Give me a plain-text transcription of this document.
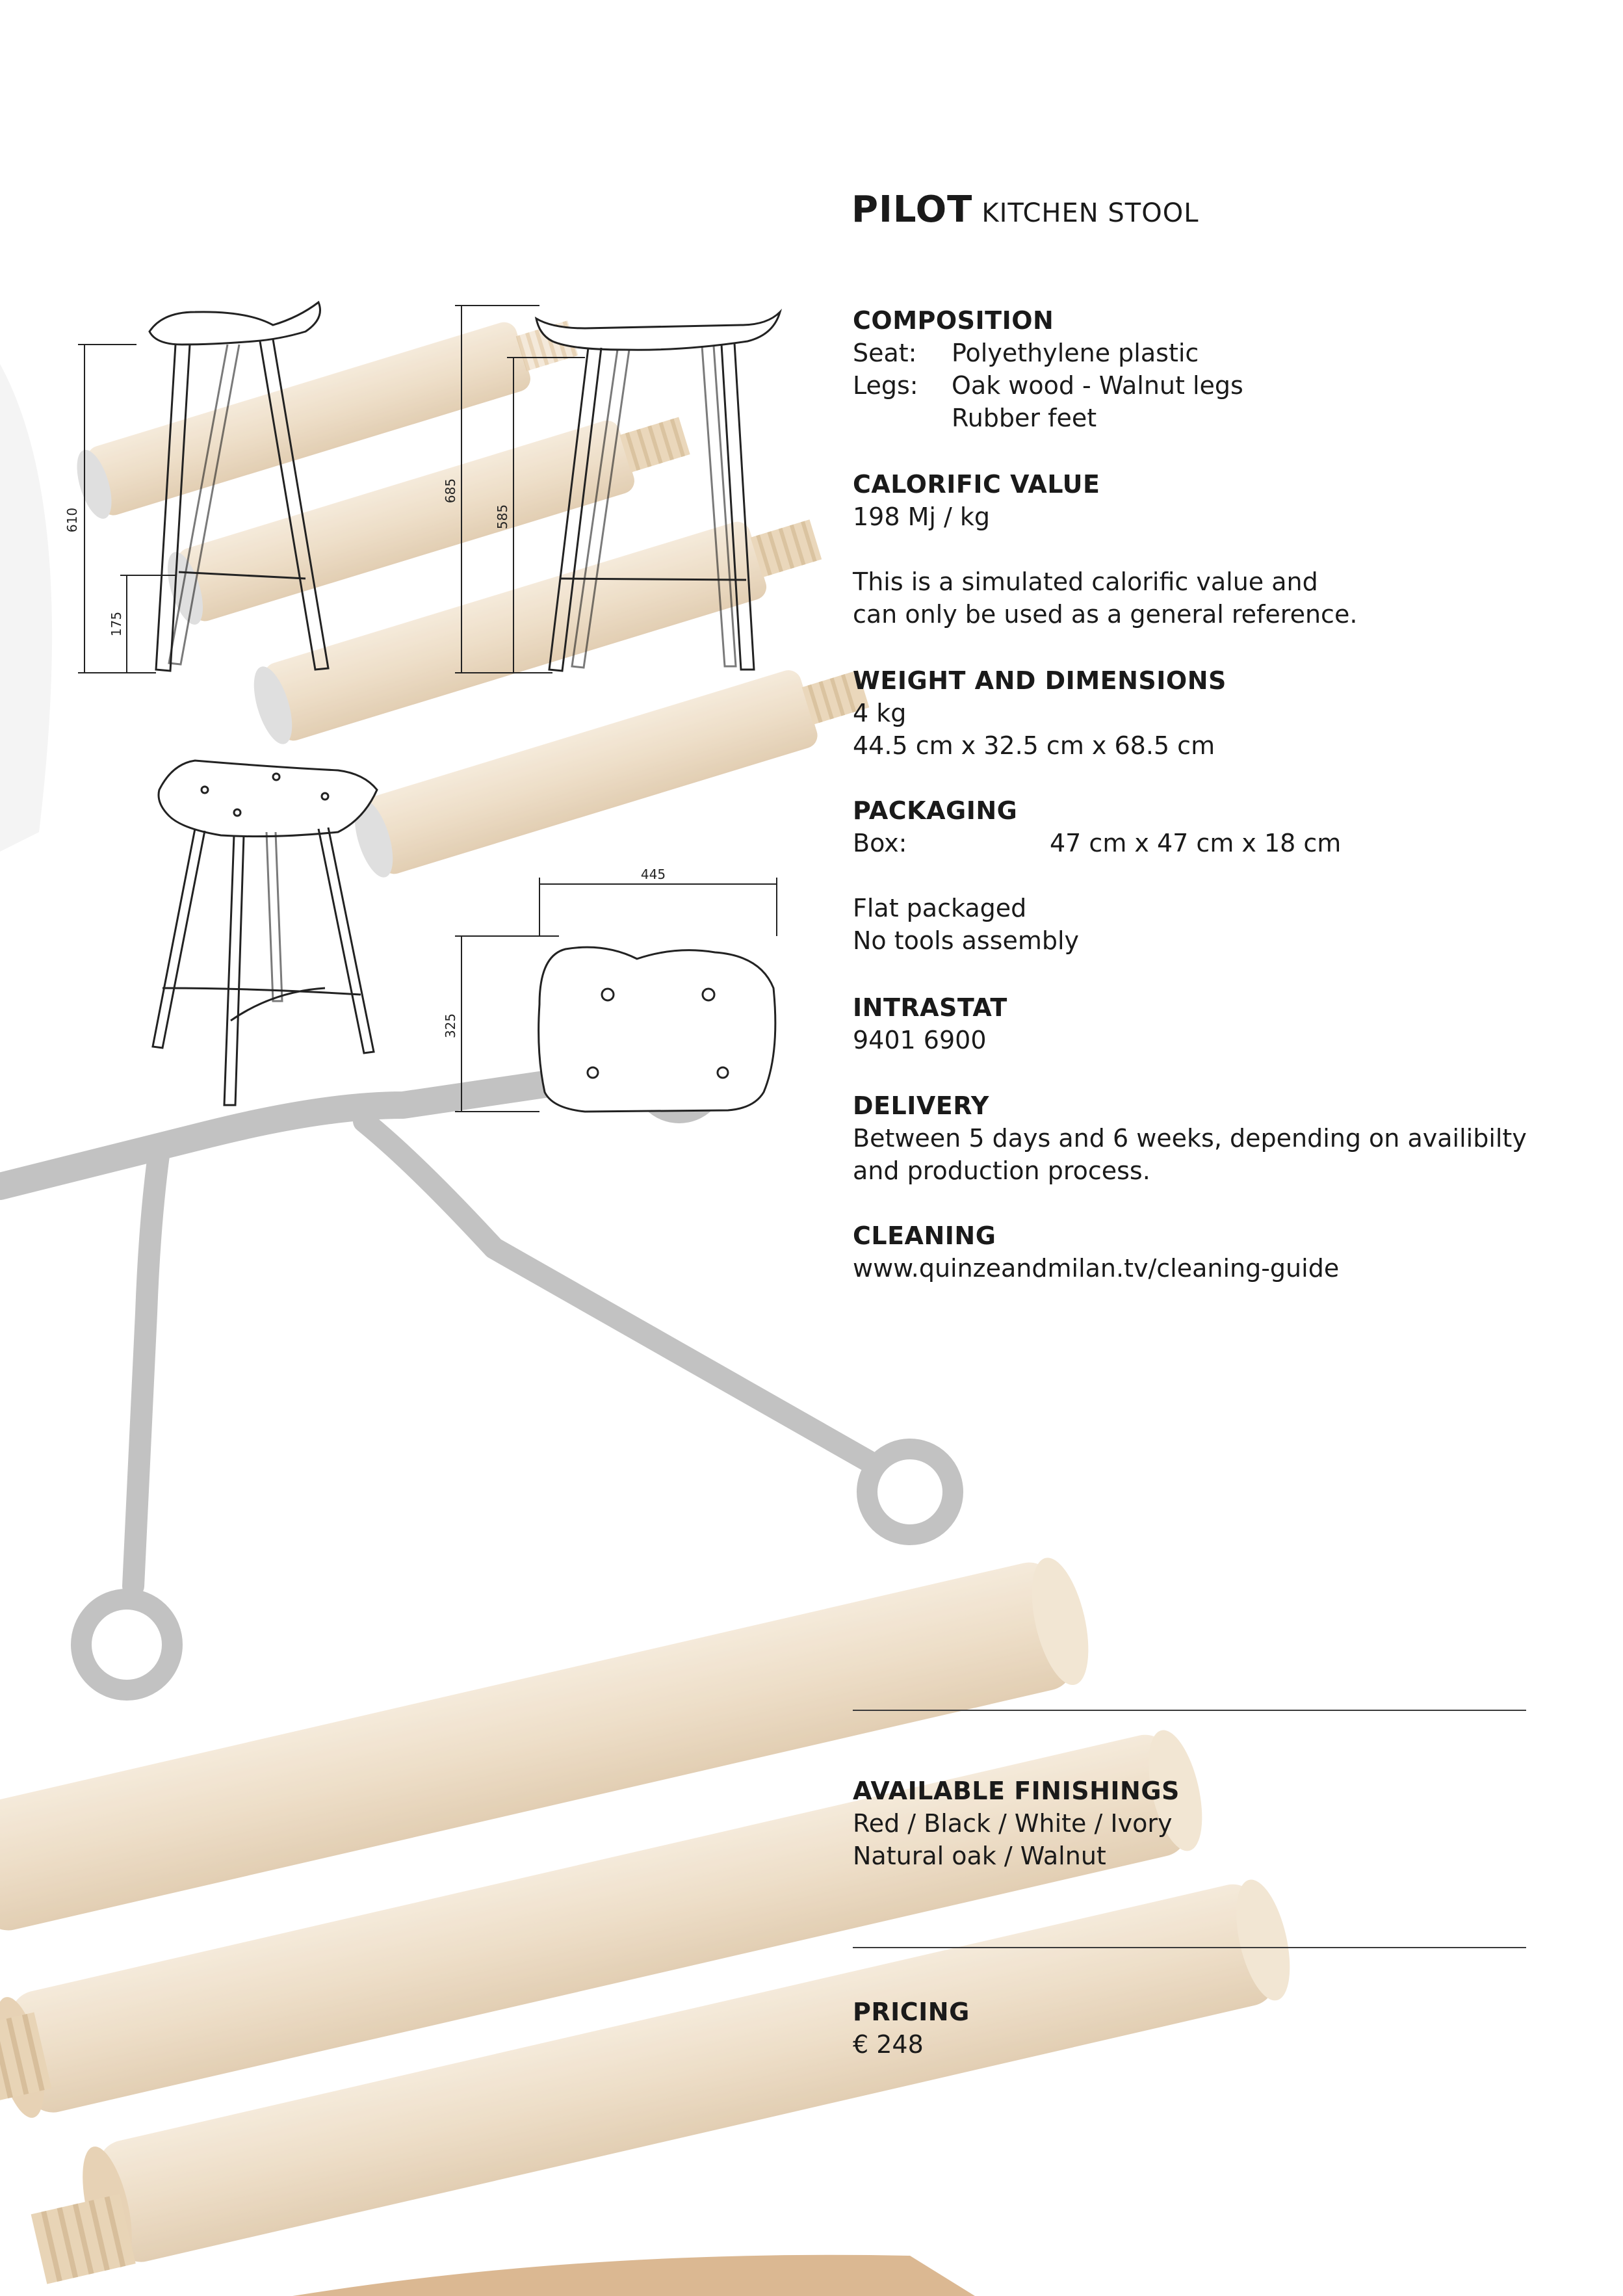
610
175
685
585
445
325
PILOT KITCHEN STOOL
COMPOSITION
Seat: Polyethylene plastic
Legs: Oak wood - Walnut legs
Rubber feet
CALORIFIC VALUE
198 Mj / kg
This is a simulated calorific value and
can only be used as a general reference.
WEIGHT AND DIMENSIONS
4 kg
44.5 cm x 32.5 cm x 68.5 cm
PACKAGING
Box:	47 cm x 47 cm x 18 cm
Flat packaged
No tools assembly
INTRASTAT
9401 6900
DELIVERY
Between 5 days and 6 weeks, depending on availibilty
and production process.
CLEANING
www.quinzeandmilan.tv/cleaning-guide
AVAILABLE FINISHINGS
Red / Black / White / Ivory
Natural oak / Walnut
PRICING
€ 248
